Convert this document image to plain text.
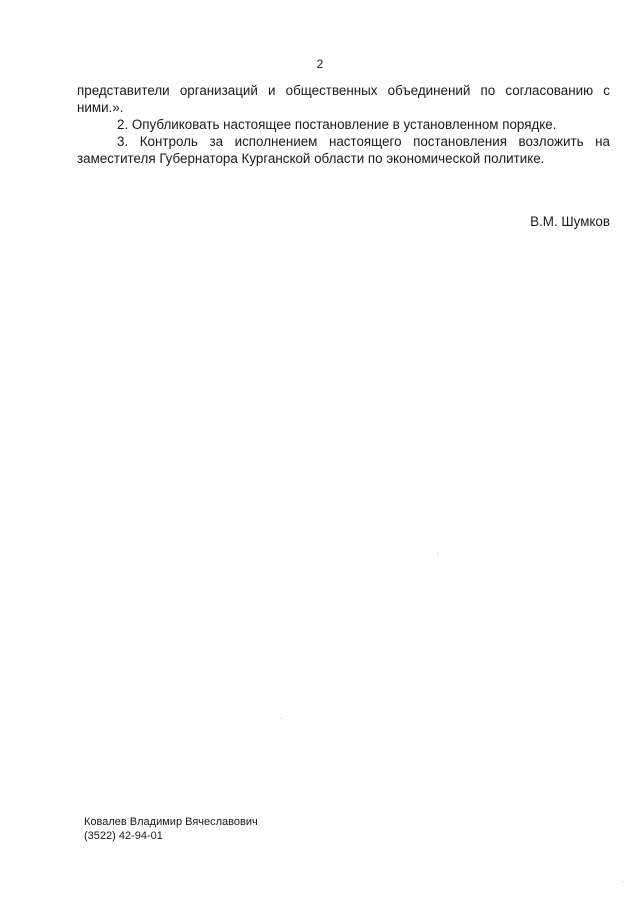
2

представители организаций и общественных объединений по согласованию с ними.».

2. Опубликовать настоящее постановление в установленном порядке.

3. Контроль за исполнением настоящего постановления возложить на заместителя Губернатора Курганской области по экономической политике.

В.М. Шумков
Ковалев Владимир Вячеславович
(3522) 42-94-01
